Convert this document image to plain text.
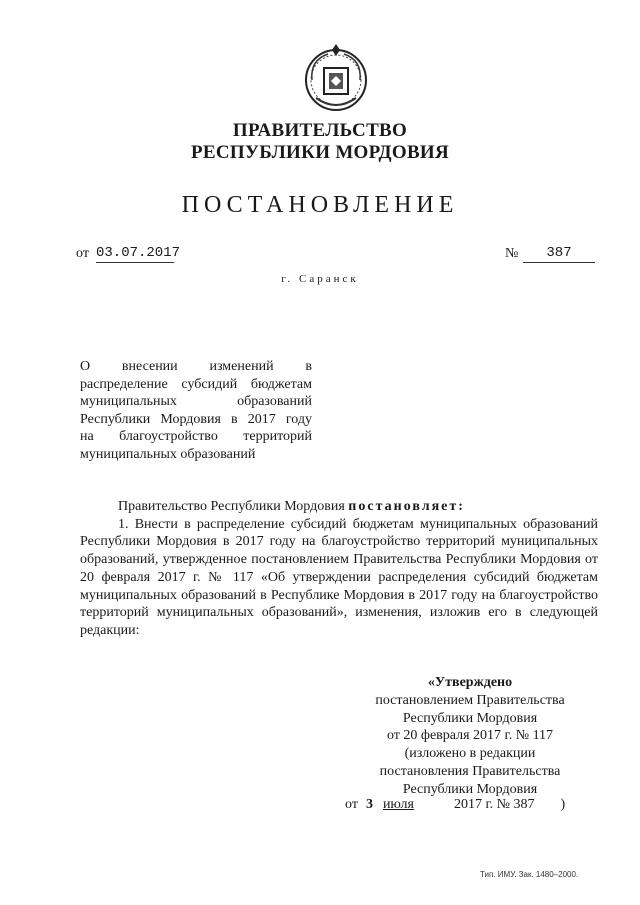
ПРАВИТЕЛЬСТВО
РЕСПУБЛИКИ МОРДОВИЯ
ПОСТАНОВЛЕНИЕ
от 03.07.2017	№	387
г. Саранск
О внесении изменений в
распределение субсидий бюджетам
муниципальных образований
Республики Мордовия в 2017 году
на благоустройство территорий
муниципальных образований
Правительство Республики Мордовия постановляет:

1. Внести в распределение субсидий бюджетам муниципальных образований Республики Мордовия в 2017 году на благоустройство территорий муниципальных образований, утвержденное постановлением Правительства Республики Мордовия от 20 февраля 2017 г. № 117 «Об утверждении распределения субсидий бюджетам муниципальных образований в Республике Мордовия в 2017 году на благоустройство территорий муниципальных образований», изменения, изложив его в следующей редакции:

«Утверждено
постановлением Правительства
Республики Мордовия
от 20 февраля 2017 г. № 117
(изложено в редакции
постановления Правительства
Республики Мордовия
от 3 июля	2017 г. № 387 )
Тип. ИМУ. Зак. 1480–2000.
